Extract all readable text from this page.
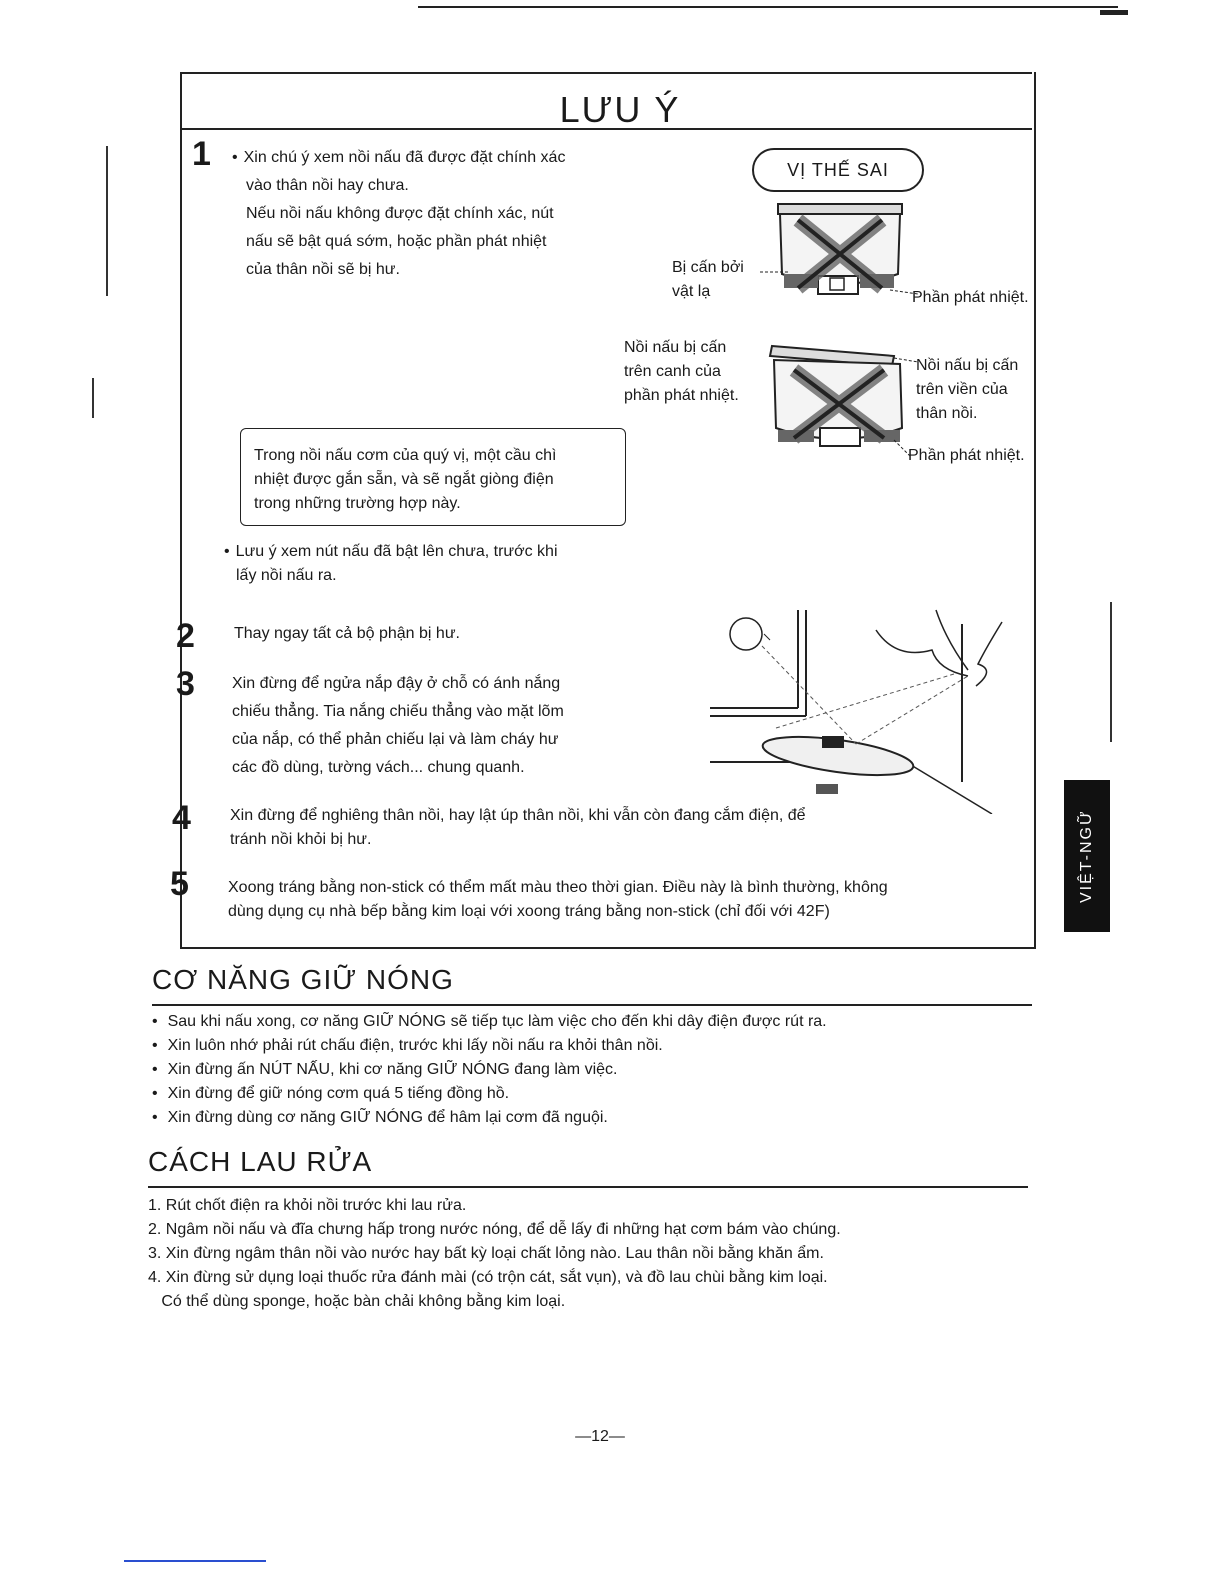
LƯU Ý
1
•	Xin chú ý xem nồi nấu đã được đặt chính xác
vào thân nồi hay chưa.
Nếu nồi nấu không được đặt chính xác, nút
nấu sẽ bật quá sớm, hoặc phần phát nhiệt
của thân nồi sẽ bị hư.
Trong nồi nấu cơm của quý vị, một cầu chì
nhiệt được gắn sẵn, và sẽ ngắt giòng điện
trong những trường hợp này.
• Lưu ý xem nút nấu đã bật lên chưa, trước khi
lấy nồi nấu ra.
VỊ THẾ SAI
Bị cấn bởi
vật lạ	Phần phát nhiệt.
Nồi nấu bị cấn
trên canh của
phần phát nhiệt.
Nồi nấu bị cấn
trên viền của
thân nồi.
Phần phát nhiệt.
2 Thay ngay tất cả bộ phận bị hư.
3 Xin đừng để ngửa nắp đậy ở chỗ có ánh nắng
chiếu thẳng. Tia nắng chiếu thẳng vào mặt lõm
của nắp, có thể phản chiếu lại và làm cháy hư
các đồ dùng, tường vách... chung quanh.
4 Xin đừng để nghiêng thân nồi, hay lật úp thân nồi, khi vẫn còn đang cắm điện, để
tránh nồi khỏi bị hư.
5 Xoong tráng bằng non-stick có thểm mất màu theo thời gian. Điều này là bình thường, không
dùng dụng cụ nhà bếp bằng kim loại với xoong tráng bằng non-stick (chỉ đối với 42F)
VIỆT-NGỮ
CƠ NĂNG GIỮ NÓNG
• Sau khi nấu xong, cơ năng GIỮ NÓNG sẽ tiếp tục làm việc cho đến khi dây điện được rút ra.
• Xin luôn nhớ phải rút chấu điện, trước khi lấy nồi nấu ra khỏi thân nồi.
• Xin đừng ấn NÚT NẤU, khi cơ năng GIỮ NÓNG đang làm việc.
• Xin đừng để giữ nóng cơm quá 5 tiếng đồng hồ.
• Xin đừng dùng cơ năng GIỮ NÓNG để hâm lại cơm đã nguội.
CÁCH LAU RỬA
1. Rút chốt điện ra khỏi nồi trước khi lau rửa.
2. Ngâm nồi nấu và đĩa chưng hấp trong nước nóng, để dễ lấy đi những hạt cơm bám vào chúng.
3. Xin đừng ngâm thân nồi vào nước hay bất kỳ loại chất lỏng nào. Lau thân nồi bằng khăn ẩm.
4. Xin đừng sử dụng loại thuốc rửa đánh mài (có trộn cát, sắt vụn), và đồ lau chùi bằng kim loại.
Có thể dùng sponge, hoặc bàn chải không bằng kim loại.
—12—
